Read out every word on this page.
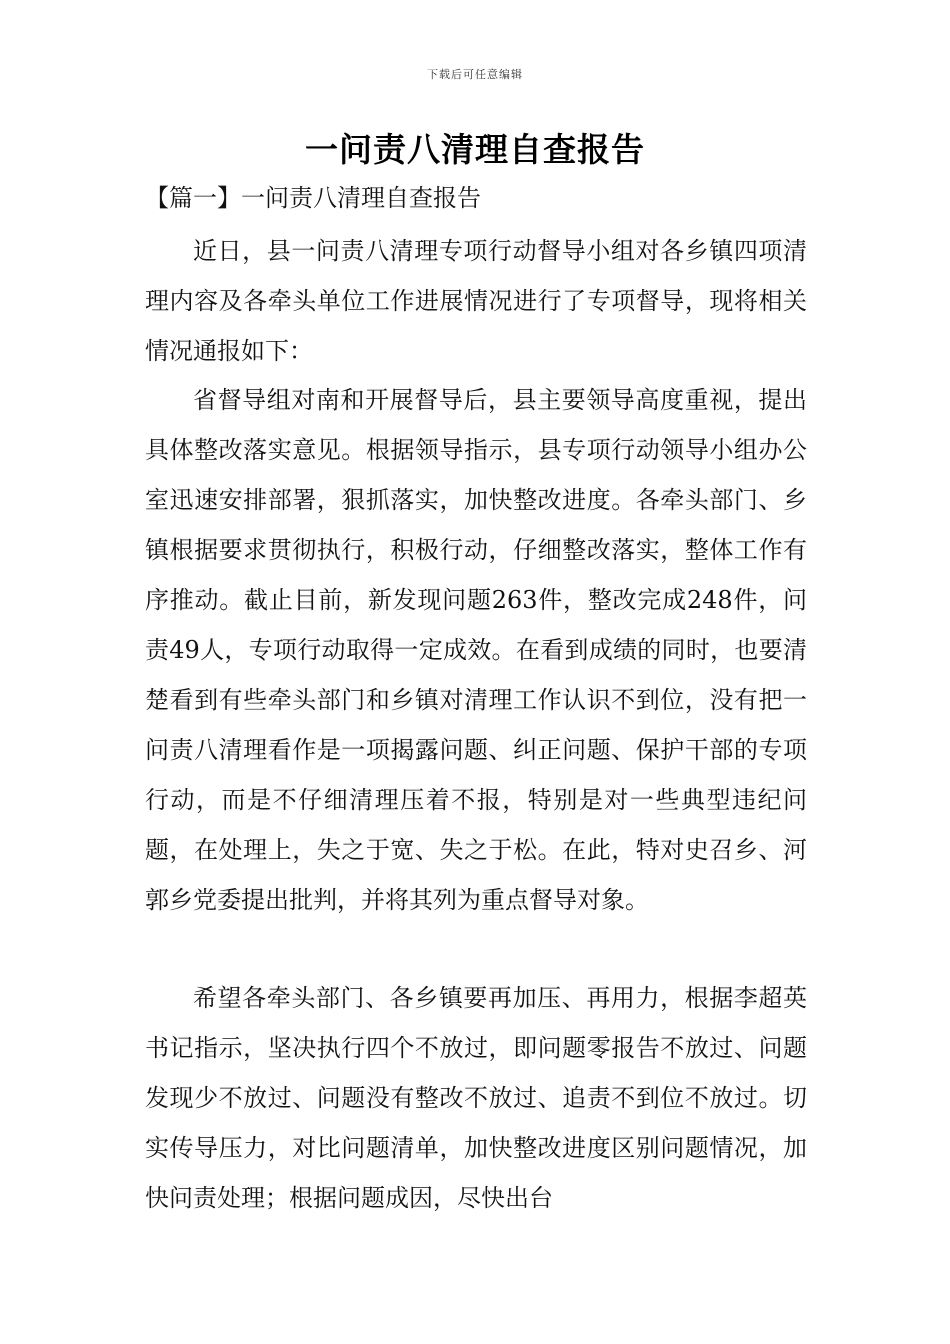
下载后可任意编辑
一问责八清理自查报告

【篇一】一问责八清理自查报告

近日，县一问责八清理专项行动督导小组对各乡镇四项清理内容及各牵头单位工作进展情况进行了专项督导，现将相关情况通报如下：

省督导组对南和开展督导后，县主要领导高度重视，提出具体整改落实意见。根据领导指示，县专项行动领导小组办公室迅速安排部署，狠抓落实，加快整改进度。各牵头部门、乡镇根据要求贯彻执行，积极行动，仔细整改落实，整体工作有序推动。截止目前，新发现问题263件，整改完成248件，问责49人，专项行动取得一定成效。在看到成绩的同时，也要清楚看到有些牵头部门和乡镇对清理工作认识不到位，没有把一问责八清理看作是一项揭露问题、纠正问题、保护干部的专项行动，而是不仔细清理压着不报，特别是对一些典型违纪问题，在处理上，失之于宽、失之于松。在此，特对史召乡、河郭乡党委提出批判，并将其列为重点督导对象。

希望各牵头部门、各乡镇要再加压、再用力，根据李超英书记指示，坚决执行四个不放过，即问题零报告不放过、问题发现少不放过、问题没有整改不放过、追责不到位不放过。切实传导压力，对比问题清单，加快整改进度区别问题情况，加快问责处理；根据问题成因，尽快出台
